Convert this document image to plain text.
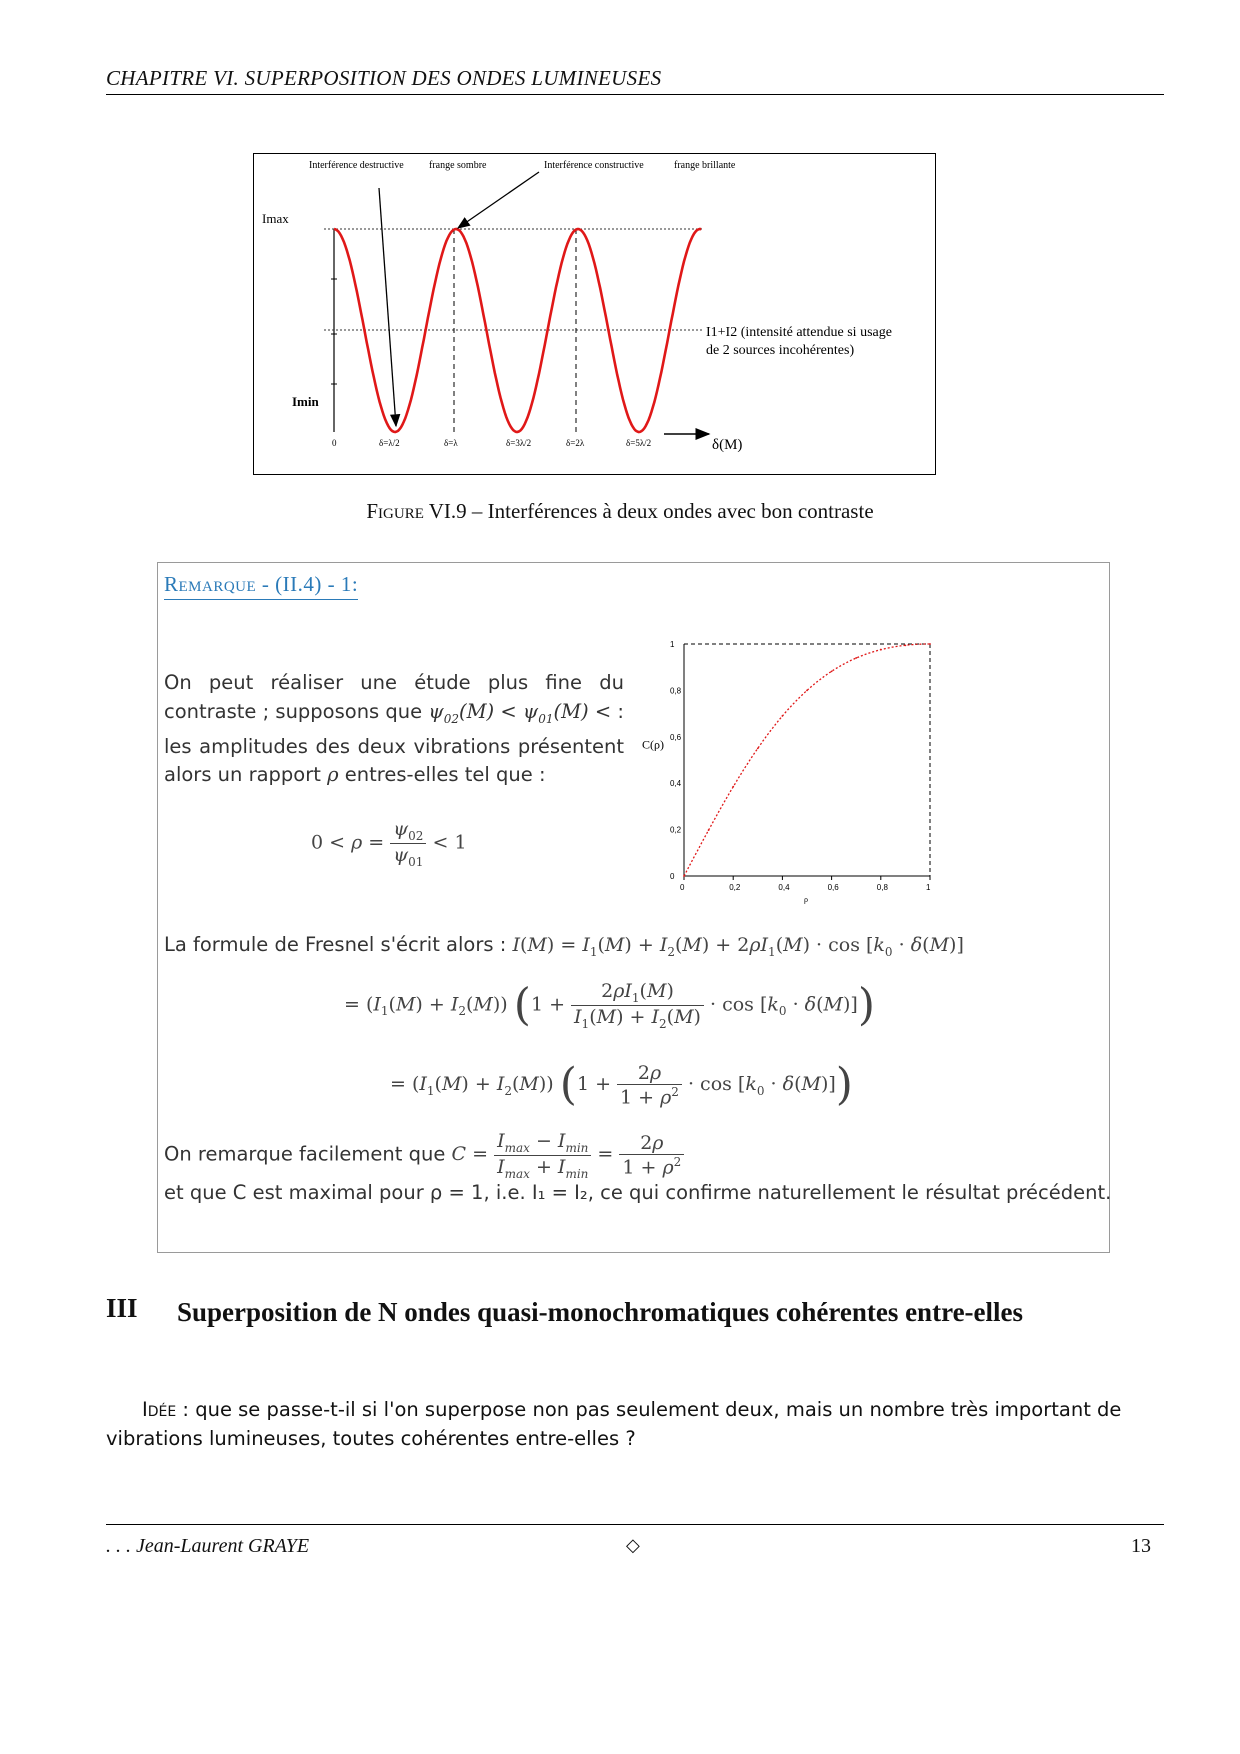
CHAPITRE VI. SUPERPOSITION DES ONDES LUMINEUSES
Interférence destructive	frange sombre	Interférence constructive	frange brillante
Imax
Imin
I1+I2 (intensité attendue si usage
de 2 sources incohérentes)
0	δ=λ/2	δ=λ	δ=3λ/2	δ=2λ	δ=5λ/2	δ(M)
Figure VI.9 – Interférences à deux ondes avec bon contraste
Remarque - (II.4) - 1:
On peut réaliser une étude plus fine du contraste ; supposons que $\psi_{02}(M) < \psi_{01}(M)$ < : les amplitudes des deux vibrations présentent alors un rapport ρ entres-elles tel que :
$0 < \rho = \frac{\psi_{02}}{\psi_{01}} < 1$
0
0
0,2
0,2
0,4
0,4
0,6
0,6
0,8
0,8
1
1
C(ρ)
ρ
La formule de Fresnel s'écrit alors : $I(M) = I_1(M) + I_2(M) + 2\rho I_1(M) \cdot \cos [k_0 \cdot \delta(M)]$
= $(I_1(M) + I_2(M)) (1 + \frac{2\rho I_1(M)}{I_1(M) + I_2(M)} \cdot \cos [k_0 \cdot \delta(M)])$
= $(I_1(M) + I_2(M)) (1 + \frac{2\rho}{1 + \rho^2} \cdot \cos [k_0 \cdot \delta(M)])$
On remarque facilement que $C = \frac{I_{max} - I_{min}}{I_{max} + I_{min}} = \frac{2\rho}{1 + \rho^2}$
et que C est maximal pour ρ = 1, i.e. I₁ = I₂, ce qui confirme naturellement le résultat précédent.
III Superposition de N ondes quasi-monochromatiques cohérentes entre-elles
Idée : que se passe-t-il si l'on superpose non pas seulement deux, mais un nombre très important de vibrations lumineuses, toutes cohérentes entre-elles ?
. . . Jean-Laurent GRAYE	◇	13
